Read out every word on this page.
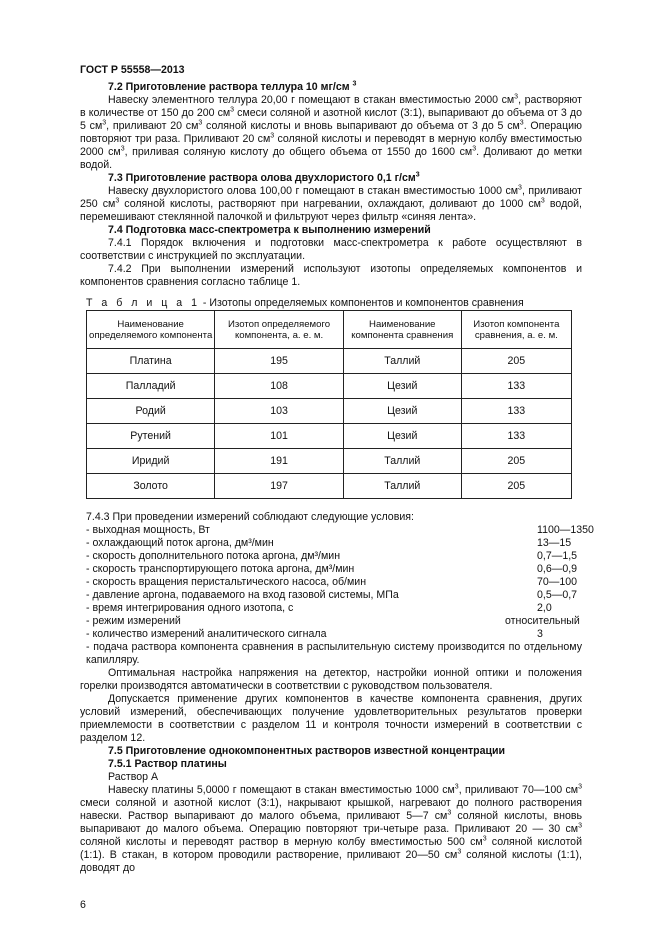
ГОСТ Р 55558—2013

7.2 Приготовление раствора теллура 10 мг/см $^3$

Навеску элементного теллура 20,00 г помещают в стакан вместимостью 2000 $см^3$, растворяют в количестве от 150 до 200 $см^3$ смеси соляной и азотной кислот (3:1), выпаривают до объема от 3 до 5 $см^3$, приливают 20 $см^3$ соляной кислоты и вновь выпаривают до объема от 3 до 5 $см^3$. Операцию повторяют три раза. Приливают 20 $см^3$ соляной кислоты и переводят в мерную колбу вместимостью 2000 $см^3$, приливая соляную кислоту до общего объема от 1550 до 1600 $см^3$. Доливают до метки водой.

7.3 Приготовление раствора олова двухлористого 0,1 $г/см^3$

Навеску двухлористого олова 100,00 г помещают в стакан вместимостью 1000 $см^3$, приливают 250 $см^3$ соляной кислоты, растворяют при нагревании, охлаждают, доливают до 1000 $см^3$ водой, перемешивают стеклянной палочкой и фильтруют через фильтр «синяя лента».

7.4 Подготовка масс-спектрометра к выполнению измерений

7.4.1 Порядок включения и подготовки масс-спектрометра к работе осуществляют в соответствии с инструкцией по эксплуатации.

7.4.2 При выполнении измерений используют изотопы определяемых компонентов и компонентов сравнения согласно таблице 1.

Т а б л и ц а 1 - Изотопы определяемых компонентов и компонентов сравнения
Наименование определяемого компонента	Изотоп определяемого компонента, а. е. м.	Наименование компонента сравнения	Изотоп компонента сравнения, а. е. м.
Платина	195	Таллий	205
Палладий	108	Цезий	133
Родий	103	Цезий	133
Рутений	101	Цезий	133
Иридий	191	Таллий	205
Золото	197	Таллий	205
7.4.3 При проведении измерений соблюдают следующие условия:
- выходная мощность, Вт	1100—1350
- охлаждающий поток аргона, дм³/мин	13—15
- скорость дополнительного потока аргона, дм³/мин	0,7—1,5
- скорость транспортирующего потока аргона, дм³/мин	0,6—0,9
- скорость вращения перистальтического насоса, об/мин	70—100
- давление аргона, подаваемого на вход газовой системы, МПа	0,5—0,7
- время интегрирования одного изотопа, с	2,0
- режим измерений	относительный
- количество измерений аналитического сигнала	3

- подача раствора компонента сравнения в распылительную систему производится по отдельному капилляру.

Оптимальная настройка напряжения на детектор, настройки ионной оптики и положения горелки производятся автоматически в соответствии с руководством пользователя.

Допускается применение других компонентов в качестве компонента сравнения, других условий измерений, обеспечивающих получение удовлетворительных результатов проверки приемлемости в соответствии с разделом 11 и контроля точности измерений в соответствии с разделом 12.

7.5 Приготовление однокомпонентных растворов известной концентрации

7.5.1 Раствор платины

Раствор А

Навеску платины 5,0000 г помещают в стакан вместимостью 1000 $см^3$, приливают 70—100 $см^3$ смеси соляной и азотной кислот (3:1), накрывают крышкой, нагревают до полного растворения навески. Раствор выпаривают до малого объема, приливают 5—7 $см^3$ соляной кислоты, вновь выпаривают до малого объема. Операцию повторяют три-четыре раза. Приливают 20 — 30 $см^3$ соляной кислоты и переводят раствор в мерную колбу вместимостью 500 $см^3$ соляной кислотой (1:1). В стакан, в котором проводили растворение, приливают 20—50 $см^3$ соляной кислоты (1:1), доводят до

6
